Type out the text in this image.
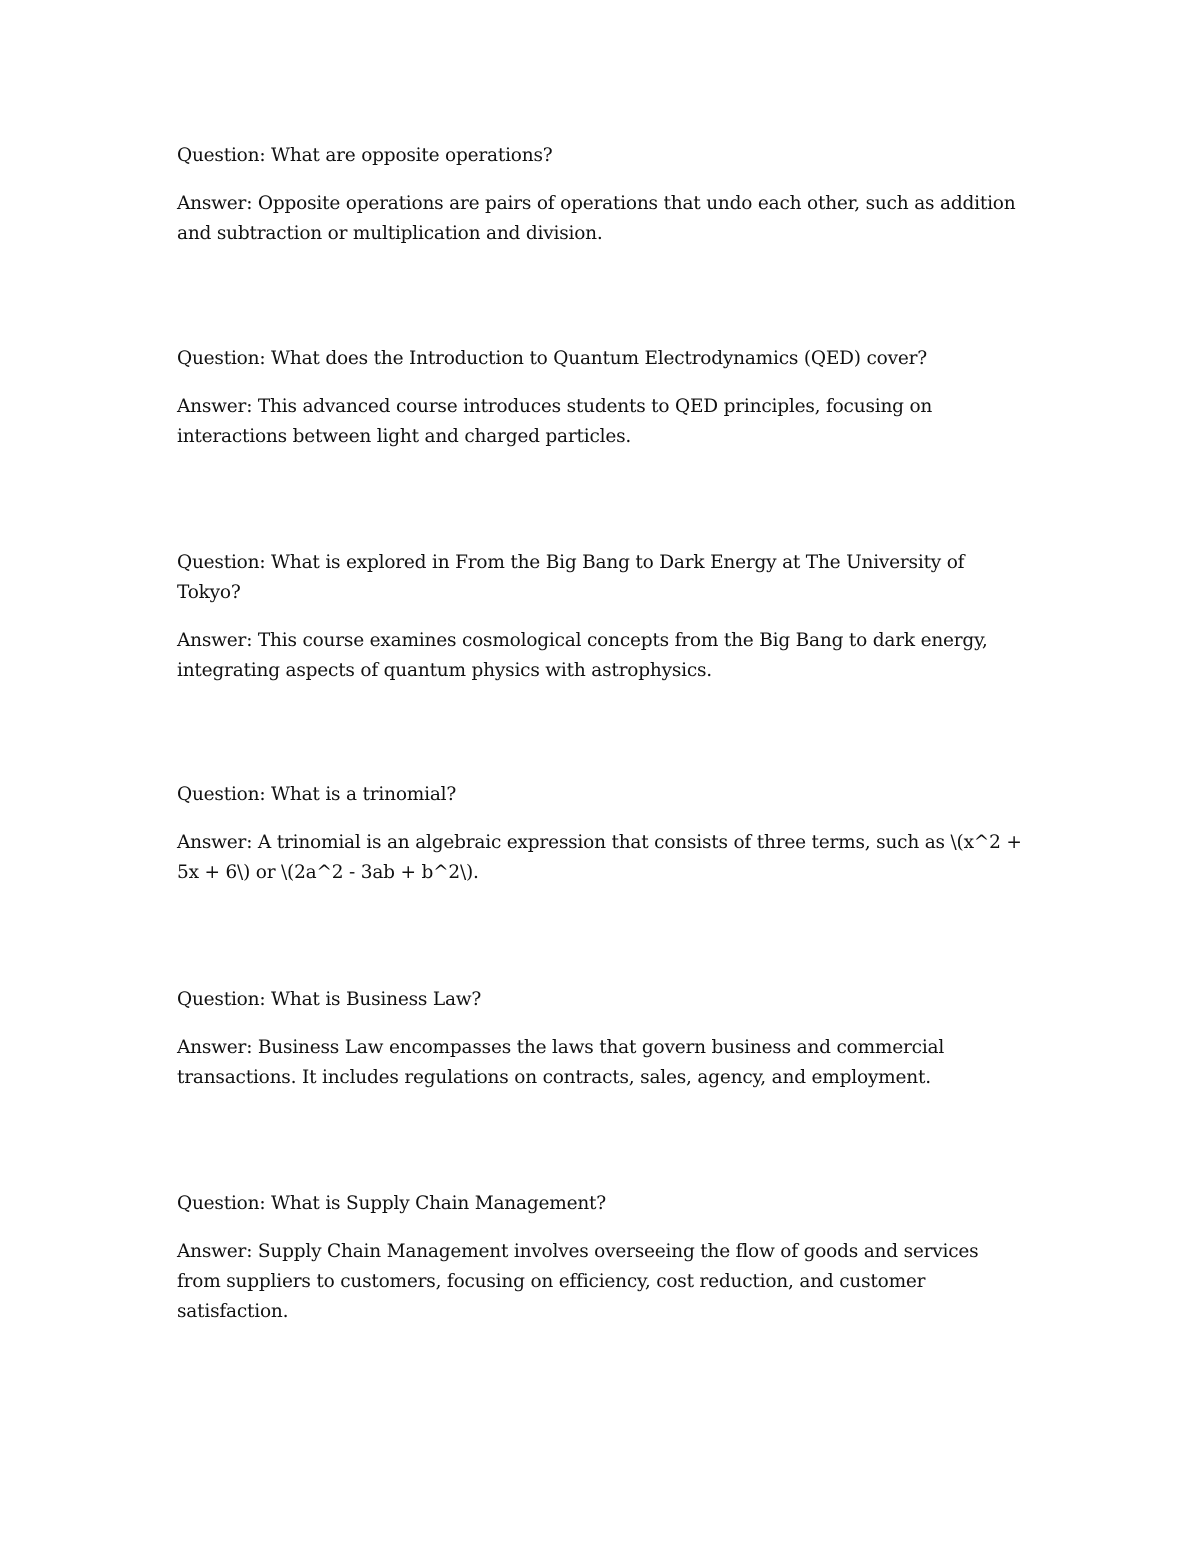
Question: What are opposite operations?

Answer: Opposite operations are pairs of operations that undo each other, such as addition and subtraction or multiplication and division.

Question: What does the Introduction to Quantum Electrodynamics (QED) cover?

Answer: This advanced course introduces students to QED principles, focusing on interactions between light and charged particles.

Question: What is explored in From the Big Bang to Dark Energy at The University of Tokyo?

Answer: This course examines cosmological concepts from the Big Bang to dark energy, integrating aspects of quantum physics with astrophysics.

Question: What is a trinomial?

Answer: A trinomial is an algebraic expression that consists of three terms, such as \(x^2 + 5x + 6\) or \(2a^2 - 3ab + b^2\).

Question: What is Business Law?

Answer: Business Law encompasses the laws that govern business and commercial transactions. It includes regulations on contracts, sales, agency, and employment.

Question: What is Supply Chain Management?

Answer: Supply Chain Management involves overseeing the flow of goods and services from suppliers to customers, focusing on efficiency, cost reduction, and customer satisfaction.
